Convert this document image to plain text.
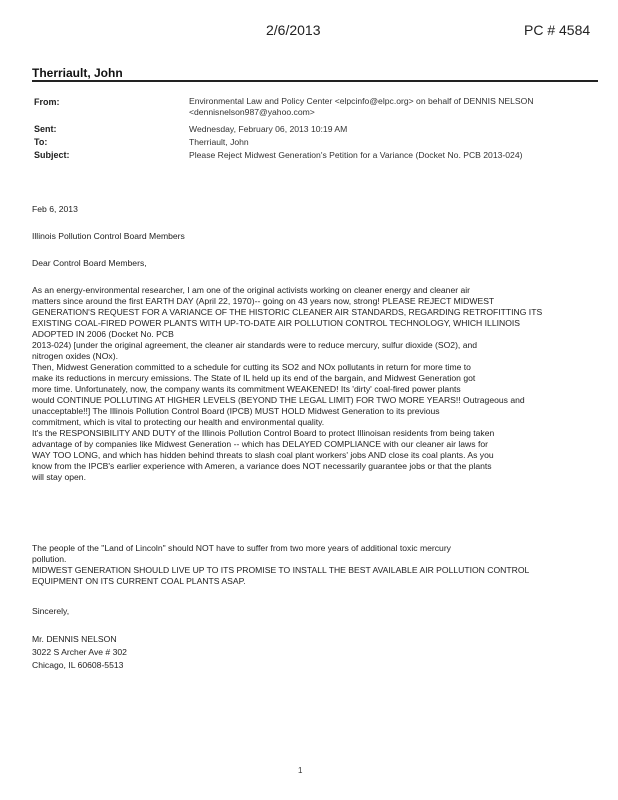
2/6/2013	PC # 4584
Therriault, John
From:	Environmental Law and Policy Center <elpcinfo@elpc.org> on behalf of DENNIS NELSON <dennisnelson987@yahoo.com>
Sent:	Wednesday, February 06, 2013 10:19 AM
To:	Therriault, John
Subject:	Please Reject Midwest Generation's Petition for a Variance (Docket No. PCB 2013-024)
Feb 6, 2013
Illinois Pollution Control Board Members
Dear Control Board Members,

As an energy-environmental researcher, I am one of the original activists working on cleaner energy and cleaner air

matters since around the first EARTH DAY (April 22, 1970)-- going on 43 years now, strong! PLEASE REJECT MIDWEST

GENERATION'S REQUEST FOR A VARIANCE OF THE HISTORIC CLEANER AIR STANDARDS, REGARDING RETROFITTING ITS

EXISTING COAL-FIRED POWER PLANTS WITH UP-TO-DATE AIR POLLUTION CONTROL TECHNOLOGY, WHICH ILLINOIS

ADOPTED IN 2006 (Docket No. PCB

2013-024) [under the original agreement, the cleaner air standards were to reduce mercury, sulfur dioxide (SO2), and

nitrogen oxides (NOx).

Then, Midwest Generation committed to a schedule for cutting its SO2 and NOx pollutants in return for more time to

make its reductions in mercury emissions. The State of IL held up its end of the bargain, and Midwest Generation got

more time. Unfortunately, now, the company wants its commitment WEAKENED! Its 'dirty' coal-fired power plants

would CONTINUE POLLUTING AT HIGHER LEVELS (BEYOND THE LEGAL LIMIT) FOR TWO MORE YEARS!! Outrageous and

unacceptable!!] The Illinois Pollution Control Board (IPCB) MUST HOLD Midwest Generation to its previous

commitment, which is vital to protecting our health and environmental quality.

It's the RESPONSIBILITY AND DUTY of the Illinois Pollution Control Board to protect Illinoisan residents from being taken

advantage of by companies like Midwest Generation -- which has DELAYED COMPLIANCE with our cleaner air laws for

WAY TOO LONG, and which has hidden behind threats to slash coal plant workers' jobs AND close its coal plants. As you

know from the IPCB's earlier experience with Ameren, a variance does NOT necessarily guarantee jobs or that the plants

will stay open.

The people of the "Land of Lincoln" should NOT have to suffer from two more years of additional toxic mercury

pollution.

MIDWEST GENERATION SHOULD LIVE UP TO ITS PROMISE TO INSTALL THE BEST AVAILABLE AIR POLLUTION CONTROL

EQUIPMENT ON ITS CURRENT COAL PLANTS ASAP.

Sincerely,
Mr. DENNIS NELSON
3022 S Archer Ave # 302
Chicago, IL 60608-5513
1
